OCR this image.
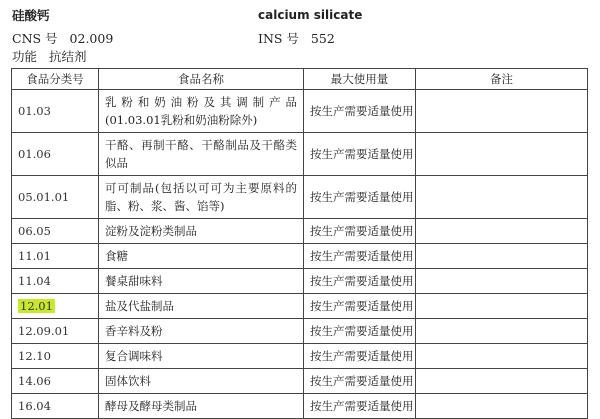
硅酸钙	calcium silicate
CNS 号 02.009	INS 号 552
功能 抗结剂
食品分类号	食品名称	最大使用量	备注
01.03	乳粉和奶油粉及其调制产品(01.03.01乳粉和奶油粉除外)	按生产需要适量使用	
01.06	干酪、再制干酪、干酪制品及干酪类似品	按生产需要适量使用	
05.01.01	可可制品(包括以可可为主要原料的脂、粉、浆、酱、馅等)	按生产需要适量使用	
06.05	淀粉及淀粉类制品	按生产需要适量使用	
11.01	食糖	按生产需要适量使用	
11.04	餐桌甜味料	按生产需要适量使用	
12.01	盐及代盐制品	按生产需要适量使用	
12.09.01	香辛料及粉	按生产需要适量使用	
12.10	复合调味料	按生产需要适量使用	
14.06	固体饮料	按生产需要适量使用	
16.04	酵母及酵母类制品	按生产需要适量使用	
